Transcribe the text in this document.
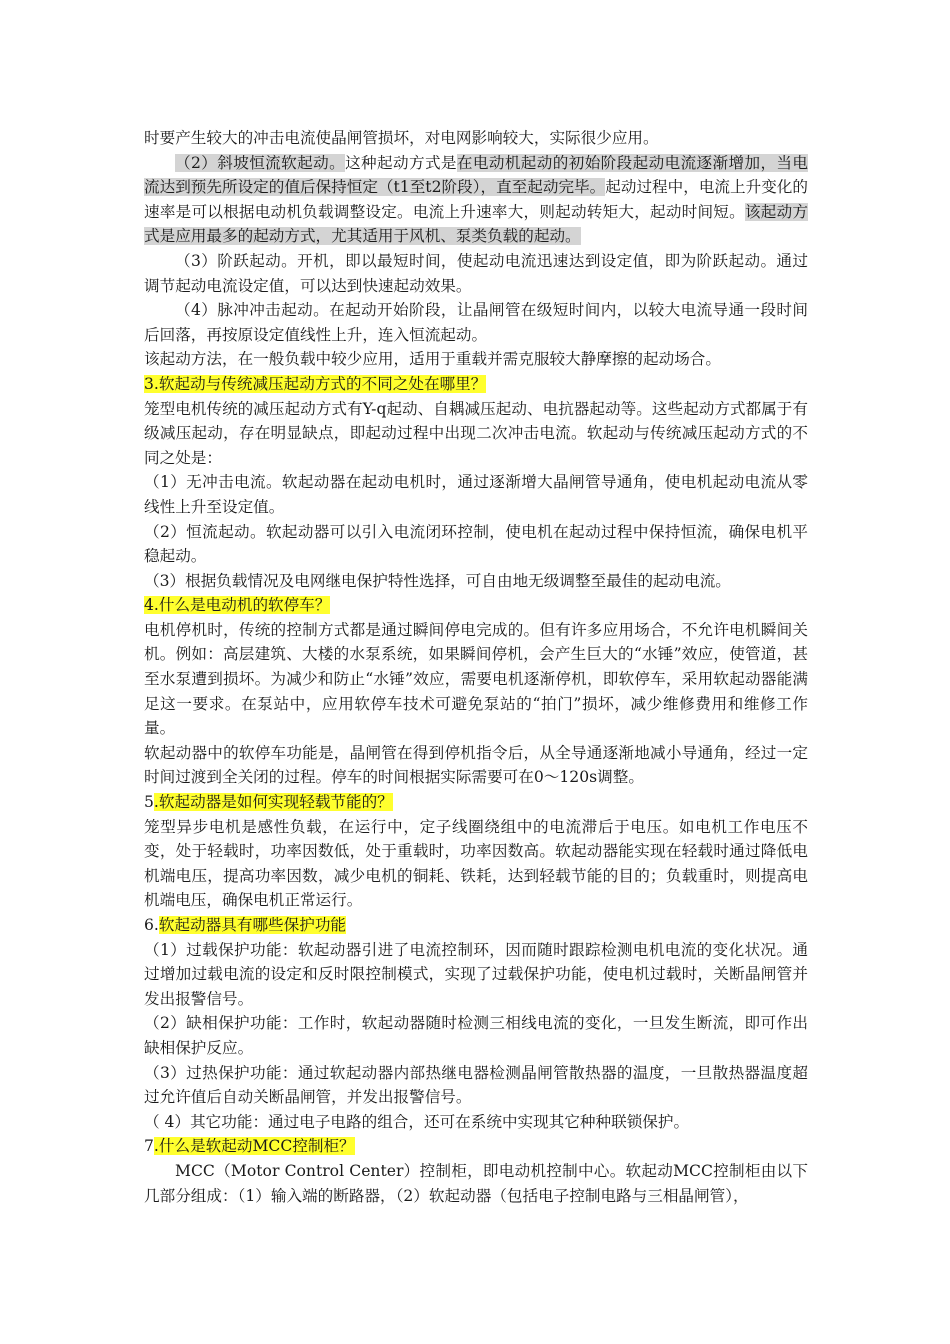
时要产生较大的冲击电流使晶闸管损坏，对电网影响较大，实际很少应用。

（2）斜坡恒流软起动。这种起动方式是在电动机起动的初始阶段起动电流逐渐增加，当电流达到预先所设定的值后保持恒定（t1至t2阶段），直至起动完毕。起动过程中，电流上升变化的速率是可以根据电动机负载调整设定。电流上升速率大，则起动转矩大，起动时间短。该起动方式是应用最多的起动方式，尤其适用于风机、泵类负载的起动。

（3）阶跃起动。开机，即以最短时间，使起动电流迅速达到设定值，即为阶跃起动。通过调节起动电流设定值，可以达到快速起动效果。

（4）脉冲冲击起动。在起动开始阶段，让晶闸管在级短时间内，以较大电流导通一段时间后回落，再按原设定值线性上升，连入恒流起动。

该起动方法，在一般负载中较少应用，适用于重载并需克服较大静摩擦的起动场合。

3.软起动与传统减压起动方式的不同之处在哪里？

笼型电机传统的减压起动方式有Y-q起动、自耦减压起动、电抗器起动等。这些起动方式都属于有级减压起动，存在明显缺点，即起动过程中出现二次冲击电流。软起动与传统减压起动方式的不同之处是：

（1）无冲击电流。软起动器在起动电机时，通过逐渐增大晶闸管导通角，使电机起动电流从零线性上升至设定值。

（2）恒流起动。软起动器可以引入电流闭环控制，使电机在起动过程中保持恒流，确保电机平稳起动。

（3）根据负载情况及电网继电保护特性选择，可自由地无级调整至最佳的起动电流。

4.什么是电动机的软停车？

电机停机时，传统的控制方式都是通过瞬间停电完成的。但有许多应用场合，不允许电机瞬间关机。例如：高层建筑、大楼的水泵系统，如果瞬间停机，会产生巨大的“水锤”效应，使管道，甚至水泵遭到损坏。为减少和防止“水锤”效应，需要电机逐渐停机，即软停车，采用软起动器能满足这一要求。在泵站中，应用软停车技术可避免泵站的“拍门”损坏，减少维修费用和维修工作量。

软起动器中的软停车功能是，晶闸管在得到停机指令后，从全导通逐渐地减小导通角，经过一定时间过渡到全关闭的过程。停车的时间根据实际需要可在0～120s调整。

5.软起动器是如何实现轻载节能的？

笼型异步电机是感性负载，在运行中，定子线圈绕组中的电流滞后于电压。如电机工作电压不变，处于轻载时，功率因数低，处于重载时，功率因数高。软起动器能实现在轻载时通过降低电机端电压，提高功率因数，减少电机的铜耗、铁耗，达到轻载节能的目的；负载重时，则提高电机端电压，确保电机正常运行。

6.软起动器具有哪些保护功能

（1）过载保护功能：软起动器引进了电流控制环，因而随时跟踪检测电机电流的变化状况。通过增加过载电流的设定和反时限控制模式，实现了过载保护功能，使电机过载时，关断晶闸管并发出报警信号。

（2）缺相保护功能：工作时，软起动器随时检测三相线电流的变化，一旦发生断流，即可作出缺相保护反应。

（3）过热保护功能：通过软起动器内部热继电器检测晶闸管散热器的温度，一旦散热器温度超过允许值后自动关断晶闸管，并发出报警信号。

（ 4）其它功能：通过电子电路的组合，还可在系统中实现其它种种联锁保护。

7.什么是软起动MCC控制柜？

MCC（Motor Control Center）控制柜，即电动机控制中心。软起动MCC控制柜由以下几部分组成：（1）输入端的断路器，（2）软起动器（包括电子控制电路与三相晶闸管），
